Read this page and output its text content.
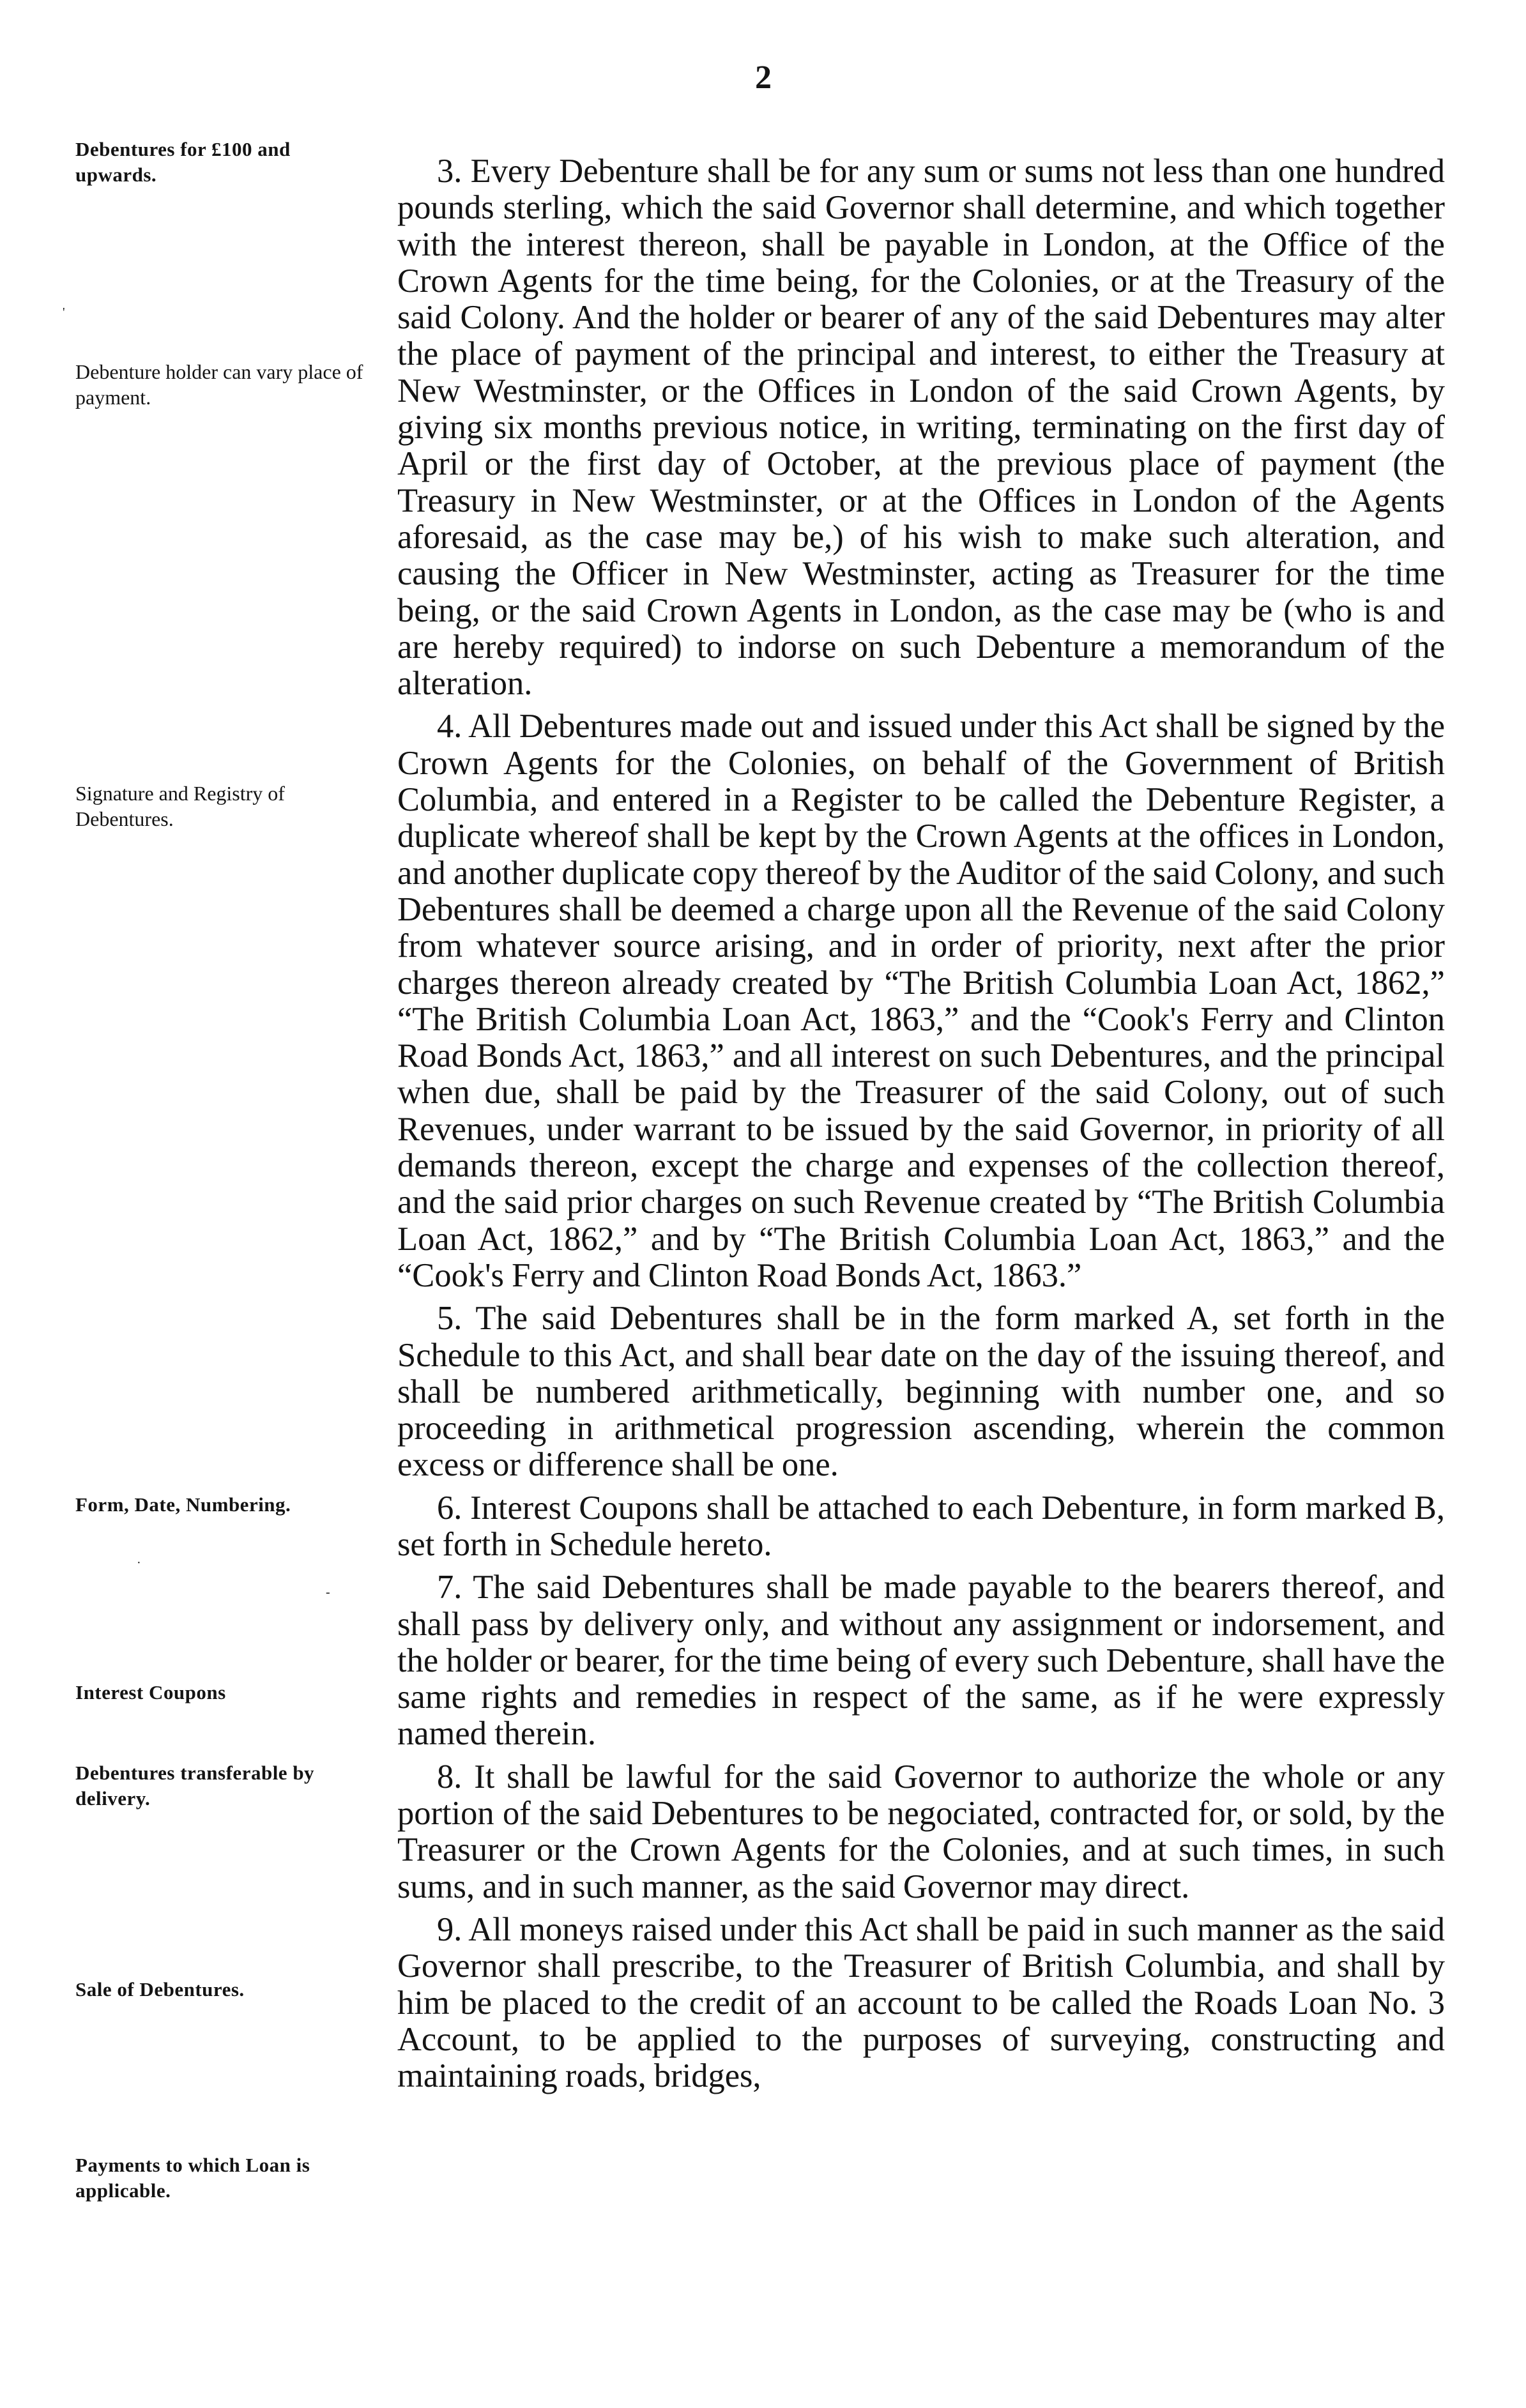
2
Debentures for £100 and upwards.
Debenture holder can vary place of payment.
Signature and Registry of Debentures.
Form, Date, Numbering.
Interest Coupons
Debentures transferable by delivery.
Sale of Debentures.
Payments to which Loan is applicable.
·
-
'

3. Every Debenture shall be for any sum or sums not less than one hundred pounds sterling, which the said Governor shall determine, and which together with the interest thereon, shall be payable in London, at the Office of the Crown Agents for the time being, for the Colonies, or at the Treasury of the said Colony. And the holder or bearer of any of the said Debentures may alter the place of payment of the principal and interest, to either the Treasury at New Westminster, or the Offices in London of the said Crown Agents, by giving six months previous notice, in writing, terminating on the first day of April or the first day of October, at the previous place of payment (the Treasury in New Westminster, or at the Offices in London of the Agents aforesaid, as the case may be,) of his wish to make such alteration, and causing the Officer in New Westminster, acting as Treasurer for the time being, or the said Crown Agents in London, as the case may be (who is and are hereby required) to indorse on such Debenture a memorandum of the alteration.

4. All Debentures made out and issued under this Act shall be signed by the Crown Agents for the Colonies, on behalf of the Government of British Columbia, and entered in a Register to be called the Debenture Register, a duplicate whereof shall be kept by the Crown Agents at the offices in London, and another duplicate copy thereof by the Auditor of the said Colony, and such Debentures shall be deemed a charge upon all the Revenue of the said Colony from whatever source arising, and in order of priority, next after the prior charges thereon already created by “The British Columbia Loan Act, 1862,” “The British Columbia Loan Act, 1863,” and the “Cook's Ferry and Clinton Road Bonds Act, 1863,” and all interest on such Debentures, and the principal when due, shall be paid by the Treasurer of the said Colony, out of such Revenues, under warrant to be issued by the said Governor, in priority of all demands thereon, except the charge and expenses of the collection thereof, and the said prior charges on such Revenue created by “The British Columbia Loan Act, 1862,” and by “The British Columbia Loan Act, 1863,” and the “Cook's Ferry and Clinton Road Bonds Act, 1863.”

5. The said Debentures shall be in the form marked A, set forth in the Schedule to this Act, and shall bear date on the day of the issuing thereof, and shall be numbered arithmetically, beginning with number one, and so proceeding in arithmetical progression ascending, wherein the common excess or difference shall be one.

6. Interest Coupons shall be attached to each Debenture, in form marked B, set forth in Schedule hereto.

7. The said Debentures shall be made payable to the bearers thereof, and shall pass by delivery only, and without any assignment or indorsement, and the holder or bearer, for the time being of every such Debenture, shall have the same rights and remedies in respect of the same, as if he were expressly named therein.

8. It shall be lawful for the said Governor to authorize the whole or any portion of the said Debentures to be negociated, contracted for, or sold, by the Treasurer or the Crown Agents for the Colonies, and at such times, in such sums, and in such manner, as the said Governor may direct.

9. All moneys raised under this Act shall be paid in such manner as the said Governor shall prescribe, to the Treasurer of British Columbia, and shall by him be placed to the credit of an account to be called the Roads Loan No. 3 Account, to be applied to the purposes of surveying, constructing and maintaining roads, bridges,
